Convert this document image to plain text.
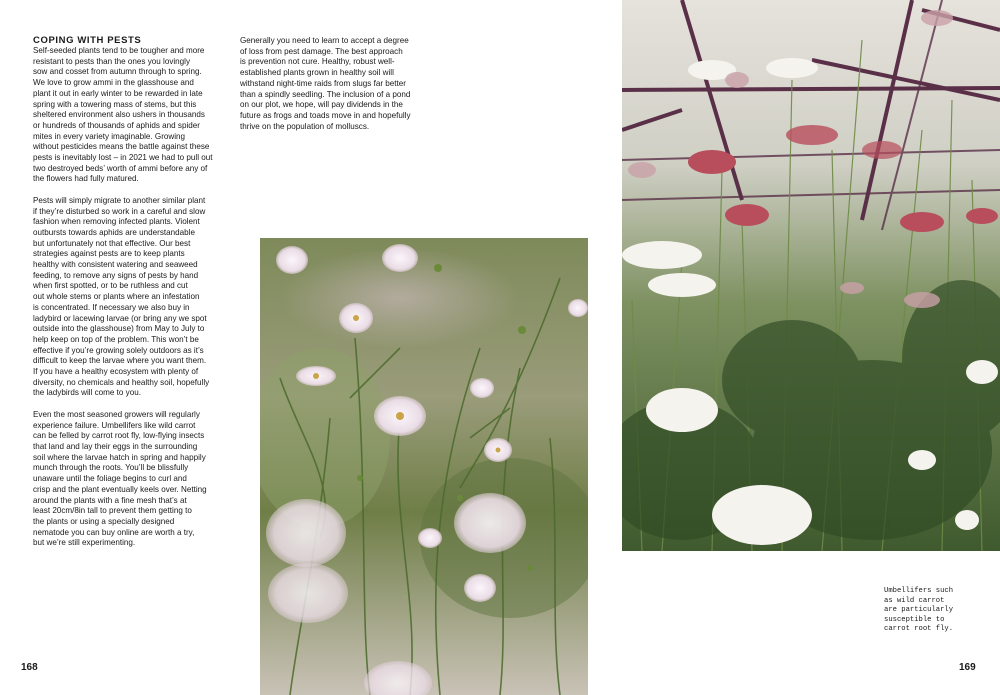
COPING WITH PESTS

Self-seeded plants tend to be tougher and more
resistant to pests than the ones you lovingly
sow and cosset from autumn through to spring.
We love to grow ammi in the glasshouse and
plant it out in early winter to be rewarded in late
spring with a towering mass of stems, but this
sheltered environment also ushers in thousands
or hundreds of thousands of aphids and spider
mites in every variety imaginable. Growing
without pesticides means the battle against these
pests is inevitably lost – in 2021 we had to pull out
two destroyed beds’ worth of ammi before any of
the flowers had fully matured.

Pests will simply migrate to another similar plant
if they’re disturbed so work in a careful and slow
fashion when removing infected plants. Violent
outbursts towards aphids are understandable
but unfortunately not that effective. Our best
strategies against pests are to keep plants
healthy with consistent watering and seaweed
feeding, to remove any signs of pests by hand
when first spotted, or to be ruthless and cut
out whole stems or plants where an infestation
is concentrated. If necessary we also buy in
ladybird or lacewing larvae (or bring any we spot
outside into the glasshouse) from May to July to
help keep on top of the problem. This won’t be
effective if you’re growing solely outdoors as it’s
difficult to keep the larvae where you want them.
If you have a healthy ecosystem with plenty of
diversity, no chemicals and healthy soil, hopefully
the ladybirds will come to you.

Even the most seasoned growers will regularly
experience failure. Umbellifers like wild carrot
can be felled by carrot root fly, low-flying insects
that land and lay their eggs in the surrounding
soil where the larvae hatch in spring and happily
munch through the roots. You’ll be blissfully
unaware until the foliage begins to curl and
crisp and the plant eventually keels over. Netting
around the plants with a fine mesh that’s at
least 20cm/8in tall to prevent them getting to
the plants or using a specially designed
nematode you can buy online are worth a try,
but we’re still experimenting.

Generally you need to learn to accept a degree
of loss from pest damage. The best approach
is prevention not cure. Healthy, robust well-
established plants grown in healthy soil will
withstand night-time raids from slugs far better
than a spindly seedling. The inclusion of a pond
on our plot, we hope, will pay dividends in the
future as frogs and toads move in and hopefully
thrive on the population of molluscs.

168
Umbellifers such
as wild carrot
are particularly
susceptible to
carrot root fly.
169
